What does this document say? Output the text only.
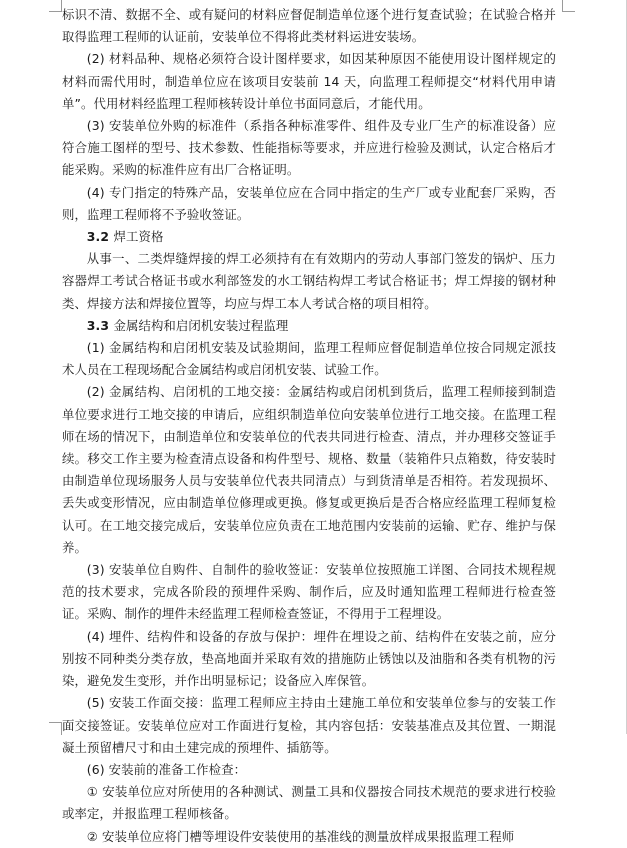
标识不清、数据不全、或有疑问的材料应督促制造单位逐个进行复查试验；在试验合格并取得监理工程师的认证前，安装单位不得将此类材料运进安装场。

(2) 材料品种、规格必须符合设计图样要求，如因某种原因不能使用设计图样规定的材料而需代用时，制造单位应在该项目安装前 14 天，向监理工程师提交“材料代用申请单”。代用材料经监理工程师核转设计单位书面同意后，才能代用。

(3) 安装单位外购的标准件（系指各种标准零件、组件及专业厂生产的标准设备）应符合施工图样的型号、技术参数、性能指标等要求，并应进行检验及测试，认定合格后才能采购。采购的标准件应有出厂合格证明。

(4) 专门指定的特殊产品，安装单位应在合同中指定的生产厂或专业配套厂采购，否则，监理工程师将不予验收签证。

3.2 焊工资格

从事一、二类焊缝焊接的焊工必须持有在有效期内的劳动人事部门签发的锅炉、压力容器焊工考试合格证书或水利部签发的水工钢结构焊工考试合格证书；焊工焊接的钢材种类、焊接方法和焊接位置等，均应与焊工本人考试合格的项目相符。

3.3 金属结构和启闭机安装过程监理

(1) 金属结构和启闭机安装及试验期间，监理工程师应督促制造单位按合同规定派技术人员在工程现场配合金属结构或启闭机安装、试验工作。

(2) 金属结构、启闭机的工地交接：金属结构或启闭机到货后，监理工程师接到制造单位要求进行工地交接的申请后，应组织制造单位向安装单位进行工地交接。在监理工程师在场的情况下，由制造单位和安装单位的代表共同进行检查、清点，并办理移交签证手续。移交工作主要为检查清点设备和构件型号、规格、数量（装箱件只点箱数，待安装时由制造单位现场服务人员与安装单位代表共同清点）与到货清单是否相符。若发现损坏、丢失或变形情况，应由制造单位修理或更换。修复或更换后是否合格应经监理工程师复检认可。在工地交接完成后，安装单位应负责在工地范围内安装前的运输、贮存、维护与保养。

(3) 安装单位自购件、自制件的验收签证：安装单位按照施工详图、合同技术规程规范的技术要求，完成各阶段的预埋件采购、制作后，应及时通知监理工程师进行检查签证。采购、制作的埋件未经监理工程师检查签证，不得用于工程埋设。

(4) 埋件、结构件和设备的存放与保护：埋件在埋设之前、结构件在安装之前，应分别按不同种类分类存放，垫高地面并采取有效的措施防止锈蚀以及油脂和各类有机物的污染，避免发生变形，并作出明显标记；设备应入库保管。

(5) 安装工作面交接：监理工程师应主持由土建施工单位和安装单位参与的安装工作面交接签证。安装单位应对工作面进行复检，其内容包括：安装基准点及其位置、一期混凝土预留槽尺寸和由土建完成的预埋件、插筋等。

(6) 安装前的准备工作检查：

① 安装单位应对所使用的各种测试、测量工具和仪器按合同技术规范的要求进行校验或率定，并报监理工程师核备。

② 安装单位应将门槽等埋设件安装使用的基准线的测量放样成果报监理工程师
